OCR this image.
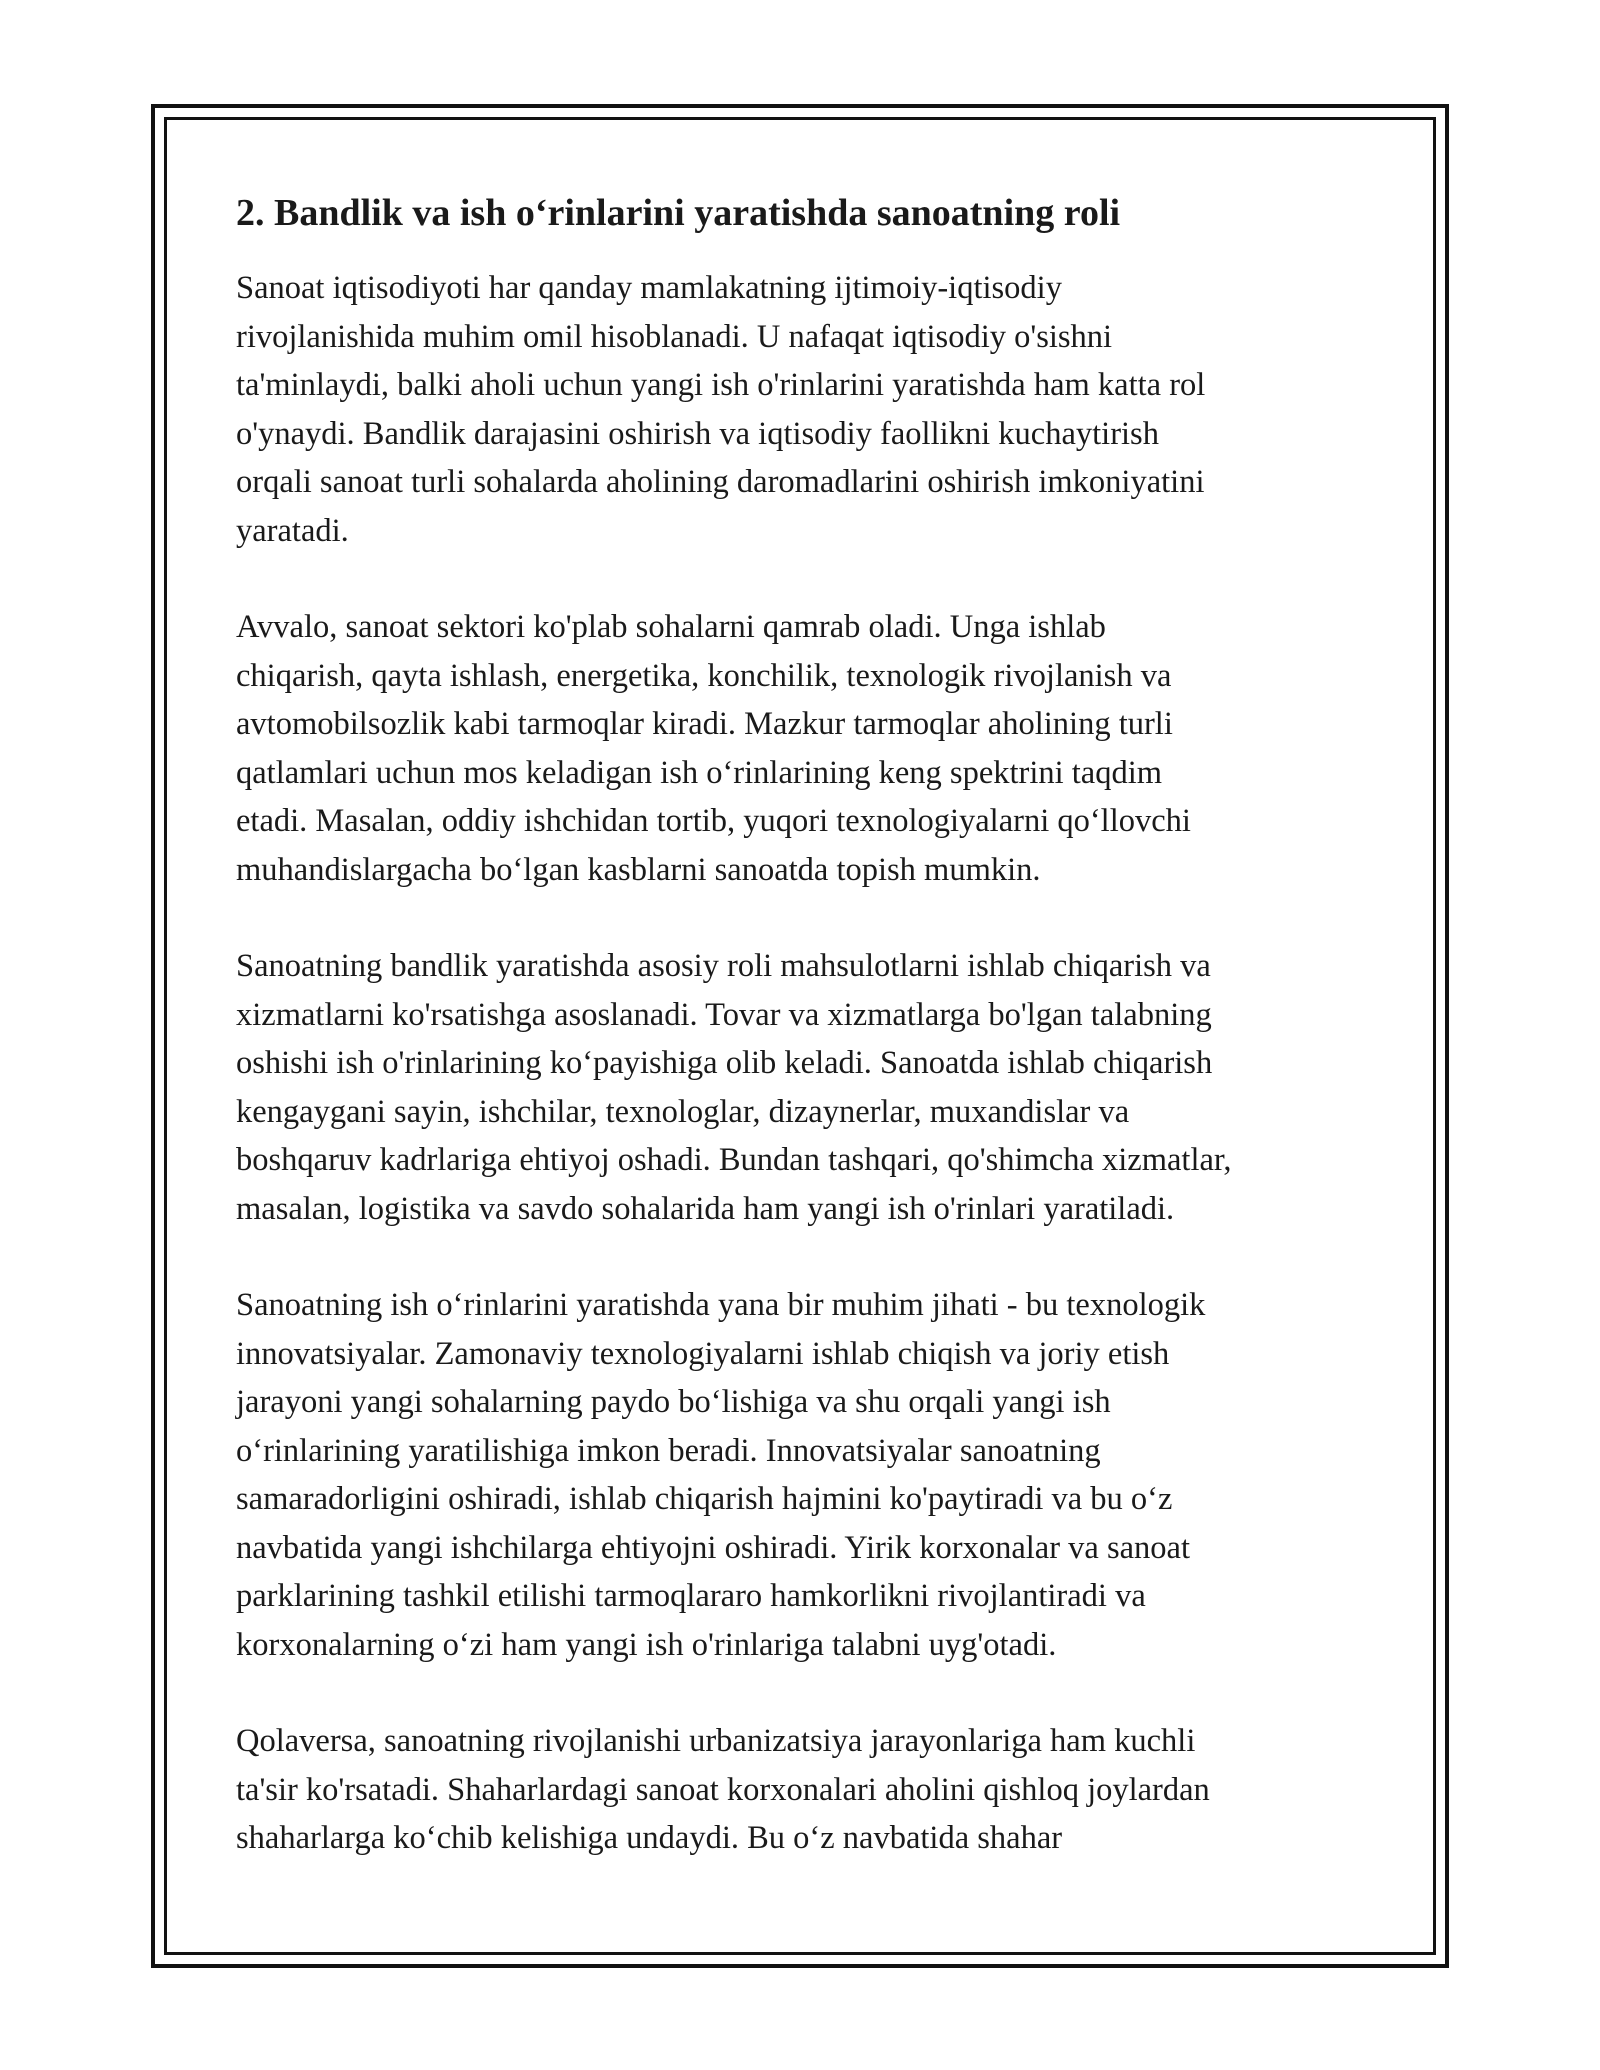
2. Bandlik va ish o‘rinlarini yaratishda sanoatning roli

Sanoat iqtisodiyoti har qanday mamlakatning ijtimoiy-iqtisodiy
rivojlanishida muhim omil hisoblanadi. U nafaqat iqtisodiy o'sishni
ta'minlaydi, balki aholi uchun yangi ish o'rinlarini yaratishda ham katta rol
o'ynaydi. Bandlik darajasini oshirish va iqtisodiy faollikni kuchaytirish
orqali sanoat turli sohalarda aholining daromadlarini oshirish imkoniyatini
yaratadi.

Avvalo, sanoat sektori ko'plab sohalarni qamrab oladi. Unga ishlab
chiqarish, qayta ishlash, energetika, konchilik, texnologik rivojlanish va
avtomobilsozlik kabi tarmoqlar kiradi. Mazkur tarmoqlar aholining turli
qatlamlari uchun mos keladigan ish o‘rinlarining keng spektrini taqdim
etadi. Masalan, oddiy ishchidan tortib, yuqori texnologiyalarni qo‘llovchi
muhandislargacha bo‘lgan kasblarni sanoatda topish mumkin.

Sanoatning bandlik yaratishda asosiy roli mahsulotlarni ishlab chiqarish va
xizmatlarni ko'rsatishga asoslanadi. Tovar va xizmatlarga bo'lgan talabning
oshishi ish o'rinlarining ko‘payishiga olib keladi. Sanoatda ishlab chiqarish
kengaygani sayin, ishchilar, texnologlar, dizaynerlar, muxandislar va
boshqaruv kadrlariga ehtiyoj oshadi. Bundan tashqari, qo'shimcha xizmatlar,
masalan, logistika va savdo sohalarida ham yangi ish o'rinlari yaratiladi.

Sanoatning ish o‘rinlarini yaratishda yana bir muhim jihati - bu texnologik
innovatsiyalar. Zamonaviy texnologiyalarni ishlab chiqish va joriy etish
jarayoni yangi sohalarning paydo bo‘lishiga va shu orqali yangi ish
o‘rinlarining yaratilishiga imkon beradi. Innovatsiyalar sanoatning
samaradorligini oshiradi, ishlab chiqarish hajmini ko'paytiradi va bu o‘z
navbatida yangi ishchilarga ehtiyojni oshiradi. Yirik korxonalar va sanoat
parklarining tashkil etilishi tarmoqlararo hamkorlikni rivojlantiradi va
korxonalarning o‘zi ham yangi ish o'rinlariga talabni uyg'otadi.

Qolaversa, sanoatning rivojlanishi urbanizatsiya jarayonlariga ham kuchli
ta'sir ko'rsatadi. Shaharlardagi sanoat korxonalari aholini qishloq joylardan
shaharlarga ko‘chib kelishiga undaydi. Bu o‘z navbatida shahar
